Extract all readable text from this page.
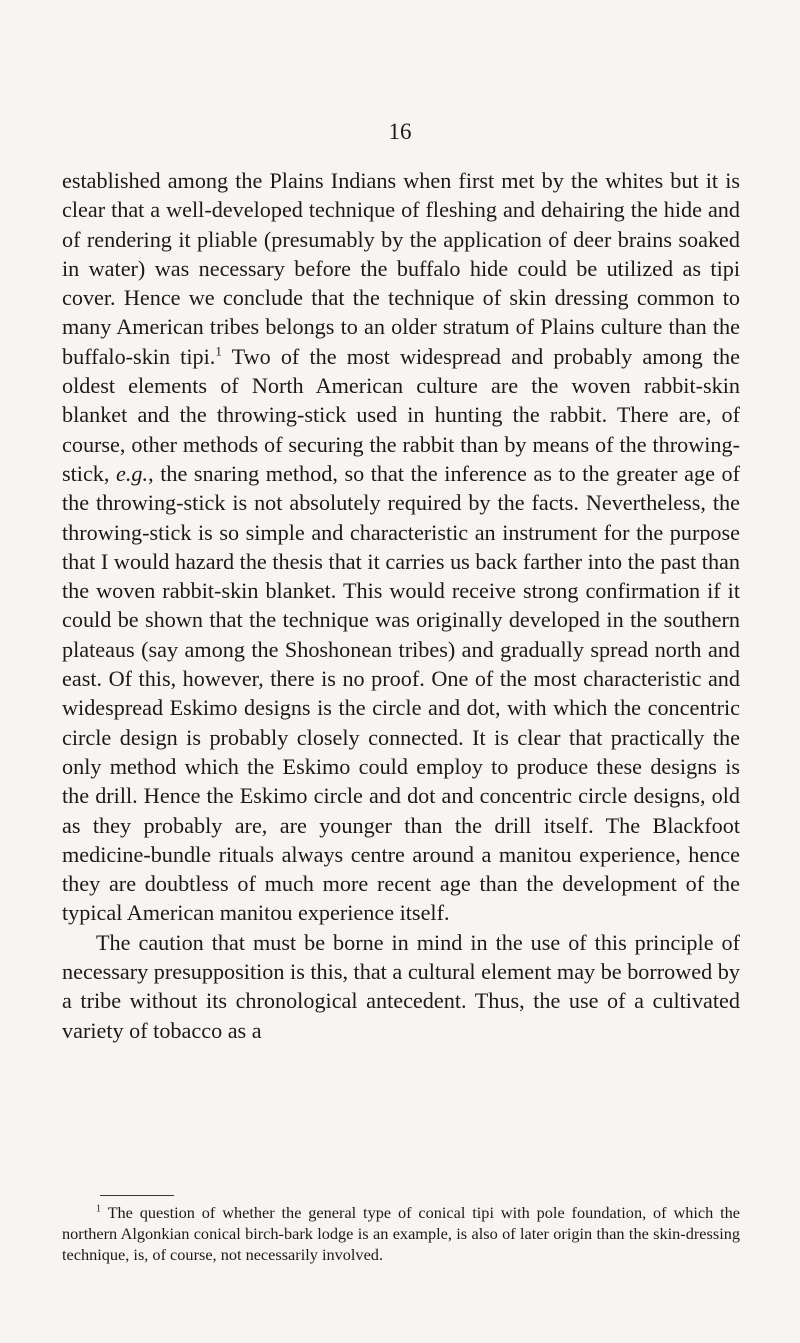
16

established among the Plains Indians when first met by the whites but it is clear that a well-developed technique of fleshing and dehairing the hide and of rendering it pliable (presumably by the application of deer brains soaked in water) was necessary before the buffalo hide could be utilized as tipi cover. Hence we conclude that the technique of skin dressing common to many American tribes belongs to an older stratum of Plains culture than the buffalo-skin tipi.$^1$ Two of the most widespread and probably among the oldest elements of North American culture are the woven rabbit-skin blanket and the throwing-stick used in hunting the rabbit. There are, of course, other methods of securing the rabbit than by means of the throwing-stick, e.g., the snaring method, so that the inference as to the greater age of the throwing-stick is not absolutely required by the facts. Nevertheless, the throwing-stick is so simple and characteristic an instrument for the purpose that I would hazard the thesis that it carries us back farther into the past than the woven rabbit-skin blanket. This would receive strong confirmation if it could be shown that the technique was originally developed in the southern plateaus (say among the Shoshonean tribes) and gradually spread north and east. Of this, however, there is no proof. One of the most characteristic and widespread Eskimo designs is the circle and dot, with which the concentric circle design is probably closely connected. It is clear that practically the only method which the Eskimo could employ to produce these designs is the drill. Hence the Eskimo circle and dot and concentric circle designs, old as they probably are, are younger than the drill itself. The Blackfoot medicine-bundle rituals always centre around a manitou experience, hence they are doubtless of much more recent age than the development of the typical American manitou experience itself.

The caution that must be borne in mind in the use of this principle of necessary presupposition is this, that a cultural element may be borrowed by a tribe without its chronological antecedent. Thus, the use of a cultivated variety of tobacco as a

$^1$ The question of whether the general type of conical tipi with pole foundation, of which the northern Algonkian conical birch-bark lodge is an example, is also of later origin than the skin-dressing technique, is, of course, not necessarily involved.
